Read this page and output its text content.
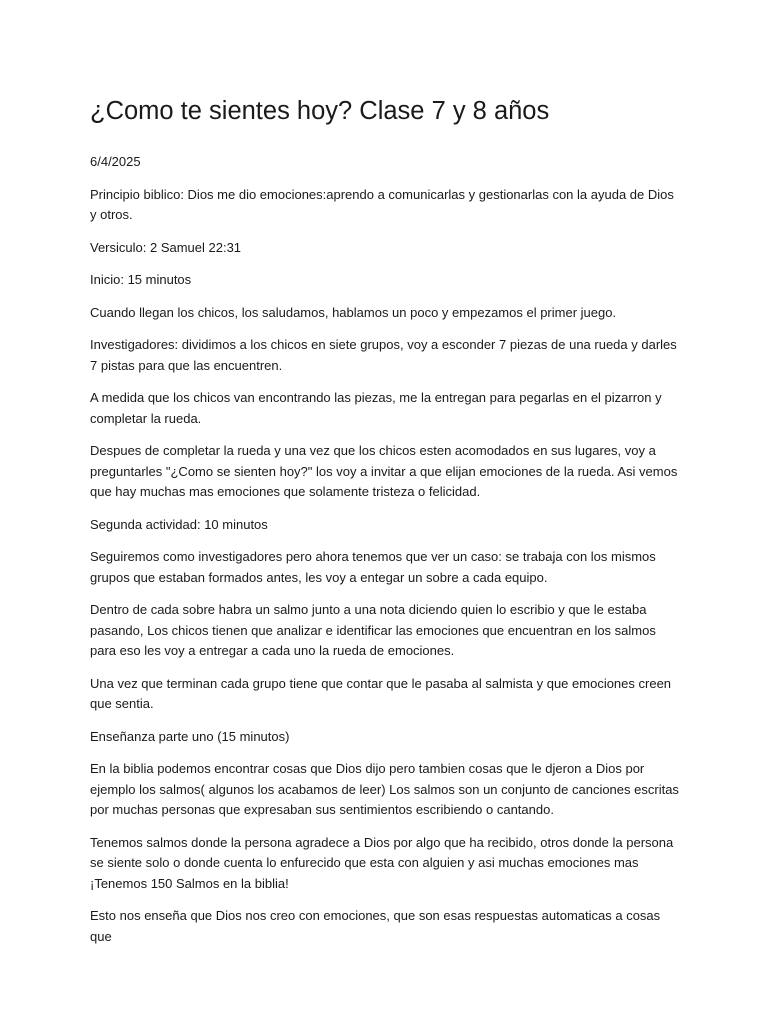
¿Como te sientes hoy? Clase 7 y 8 años

6/4/2025

Principio biblico: Dios me dio emociones:aprendo a comunicarlas y gestionarlas con la ayuda de Dios y otros.

Versiculo: 2 Samuel 22:31

Inicio: 15 minutos

Cuando llegan los chicos, los saludamos, hablamos un poco y empezamos el primer juego.

Investigadores: dividimos a los chicos en siete grupos, voy a esconder 7 piezas de una rueda y darles 7 pistas para que las encuentren.

A medida que los chicos van encontrando las piezas, me la entregan para pegarlas en el pizarron y completar la rueda.

Despues de completar la rueda y una vez que los chicos esten acomodados en sus lugares, voy a preguntarles "¿Como se sienten hoy?" los voy a invitar a que elijan emociones de la rueda. Asi vemos que hay muchas mas emociones que solamente tristeza o felicidad.

Segunda actividad: 10 minutos

Seguiremos como investigadores pero ahora tenemos que ver un caso: se trabaja con los mismos grupos que estaban formados antes, les voy a entegar un sobre a cada equipo.

Dentro de cada sobre habra un salmo junto a una nota diciendo quien lo escribio y que le estaba pasando, Los chicos tienen que analizar e identificar las emociones que encuentran en los salmos para eso les voy a entregar a cada uno la rueda de emociones.

Una vez que terminan cada grupo tiene que contar que le pasaba al salmista y que emociones creen que sentia.

Enseñanza parte uno (15 minutos)

En la biblia podemos encontrar cosas que Dios dijo pero tambien cosas que le djeron a Dios por ejemplo los salmos( algunos los acabamos de leer) Los salmos son un conjunto de canciones escritas por muchas personas que expresaban sus sentimientos escribiendo o cantando.

Tenemos salmos donde la persona agradece a Dios por algo que ha recibido, otros donde la persona se siente solo o donde cuenta lo enfurecido que esta con alguien y asi muchas emociones mas ¡Tenemos 150 Salmos en la biblia!

Esto nos enseña que Dios nos creo con emociones, que son esas respuestas automaticas a cosas que
